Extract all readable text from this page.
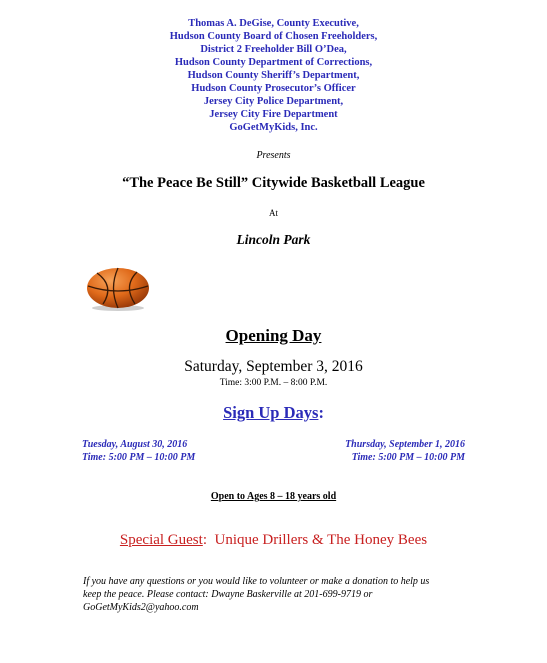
Thomas A. DeGise, County Executive,
Hudson County Board of Chosen Freeholders,
District 2 Freeholder Bill O’Dea,
Hudson County Department of Corrections,
Hudson County Sheriff’s Department,
Hudson County Prosecutor’s Officer
Jersey City Police Department,
Jersey City Fire Department
GoGetMyKids, Inc.
Presents
“The Peace Be Still” Citywide Basketball League
At
Lincoln Park
Opening Day
Saturday, September 3, 2016
Time: 3:00 P.M. – 8:00 P.M.
Sign Up Days:
Tuesday, August 30, 2016
Time: 5:00 PM – 10:00 PM
Thursday, September 1, 2016
Time: 5:00 PM – 10:00 PM
Open to Ages 8 – 18 years old
Special Guest: Unique Drillers & The Honey Bees
If you have any questions or you would like to volunteer or make a donation to help us
keep the peace. Please contact: Dwayne Baskerville at 201-699-9719 or
GoGetMyKids2@yahoo.com
